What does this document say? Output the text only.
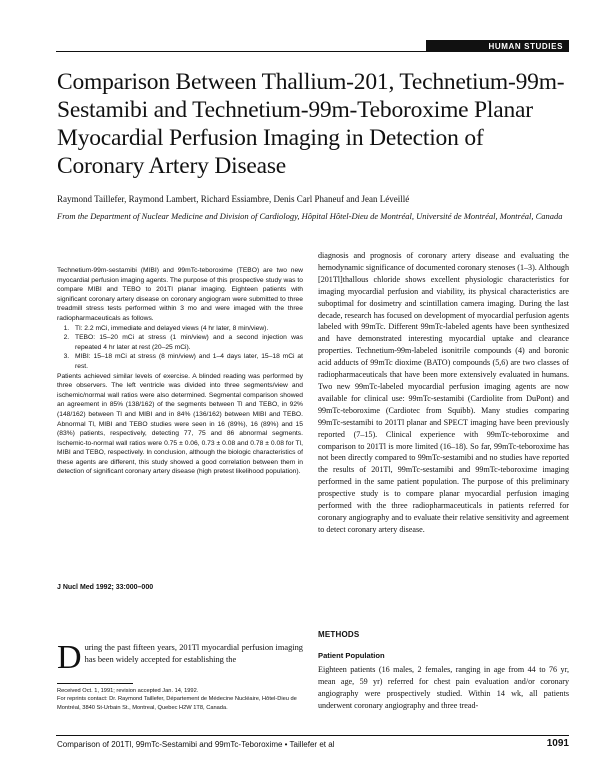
HUMAN STUDIES
Comparison Between Thallium-201, Technetium-99m-Sestamibi and Technetium-99m-Teboroxime Planar Myocardial Perfusion Imaging in Detection of Coronary Artery Disease
Raymond Taillefer, Raymond Lambert, Richard Essiambre, Denis Carl Phaneuf and Jean Léveillé
From the Department of Nuclear Medicine and Division of Cardiology, Hôpital Hôtel-Dieu de Montréal, Université de Montréal, Montréal, Canada

Technetium-99m-sestamibi (MIBI) and 99mTc-teboroxime (TEBO) are two new myocardial perfusion imaging agents. The purpose of this prospective study was to compare MIBI and TEBO to 201Tl planar imaging. Eighteen patients with significant coronary artery disease on coronary angiogram were submitted to three treadmill stress tests performed within 3 mo and were imaged with the three radiopharmaceuticals as follows.

1. Tl: 2.2 mCi, immediate and delayed views (4 hr later, 8 min/view).
2. TEBO: 15–20 mCi at stress (1 min/view) and a second injection was repeated 4 hr later at rest (20–25 mCi).
3. MIBI: 15–18 mCi at stress (8 min/view) and 1–4 days later, 15–18 mCi at rest.

Patients achieved similar levels of exercise. A blinded reading was performed by three observers. The left ventricle was divided into three segments/view and ischemic/normal wall ratios were also determined. Segmental comparison showed an agreement in 85% (138/162) of the segments between Tl and TEBO, in 92% (148/162) between Tl and MIBI and in 84% (136/162) between MIBI and TEBO. Abnormal Tl, MIBI and TEBO studies were seen in 16 (89%), 16 (89%) and 15 (83%) patients, respectively, detecting 77, 75 and 86 abnormal segments. Ischemic-to-normal wall ratios were 0.75 ± 0.06, 0.73 ± 0.08 and 0.78 ± 0.08 for Tl, MIBI and TEBO, respectively. In conclusion, although the biologic characteristics of these agents are different, this study showed a good correlation between them in detection of significant coronary artery disease (high pretest likelihood population).

J Nucl Med 1992; 33:000–000
D uring the past fifteen years, 201Tl myocardial perfusion imaging has been widely accepted for establishing the

Received Oct. 1, 1991; revision accepted Jan. 14, 1992.

For reprints contact: Dr. Raymond Taillefer, Département de Médecine Nucléaire, Hôtel-Dieu de Montréal, 3840 St-Urbain St., Montreal, Quebec H2W 1T8, Canada.

diagnosis and prognosis of coronary artery disease and evaluating the hemodynamic significance of documented coronary stenoses (1–3). Although [201Tl]thallous chloride shows excellent physiologic characteristics for imaging myocardial perfusion and viability, its physical characteristics are suboptimal for dosimetry and scintillation camera imaging. During the last decade, research has focused on development of myocardial perfusion agents labeled with 99mTc. Different 99mTc-labeled agents have been synthesized and have demonstrated interesting myocardial uptake and clearance properties. Technetium-99m-labeled isonitrile compounds (4) and boronic acid adducts of 99mTc dioxime (BATO) compounds (5,6) are two classes of radiopharmaceuticals that have been more extensively evaluated in humans. Two new 99mTc-labeled myocardial perfusion imaging agents are now available for clinical use: 99mTc-sestamibi (Cardiolite from DuPont) and 99mTc-teboroxime (Cardiotec from Squibb). Many studies comparing 99mTc-sestamibi to 201Tl planar and SPECT imaging have been previously reported (7–15). Clinical experience with 99mTc-teboroxime and comparison to 201Tl is more limited (16–18). So far, 99mTc-teboroxime has not been directly compared to 99mTc-sestamibi and no studies have reported the results of 201Tl, 99mTc-sestamibi and 99mTc-teboroxime imaging performed in the same patient population. The purpose of this preliminary prospective study is to compare planar myocardial perfusion imaging performed with the three radiopharmaceuticals in patients referred for coronary angiography and to evaluate their relative sensitivity and agreement to detect coronary artery disease.

METHODS
Patient Population
Eighteen patients (16 males, 2 females, ranging in age from 44 to 76 yr, mean age, 59 yr) referred for chest pain evaluation and/or coronary angiography were prospectively studied. Within 14 wk, all patients underwent coronary angiography and three tread-
Comparison of 201Tl, 99mTc-Sestamibi and 99mTc-Teboroxime • Taillefer et al	1091
